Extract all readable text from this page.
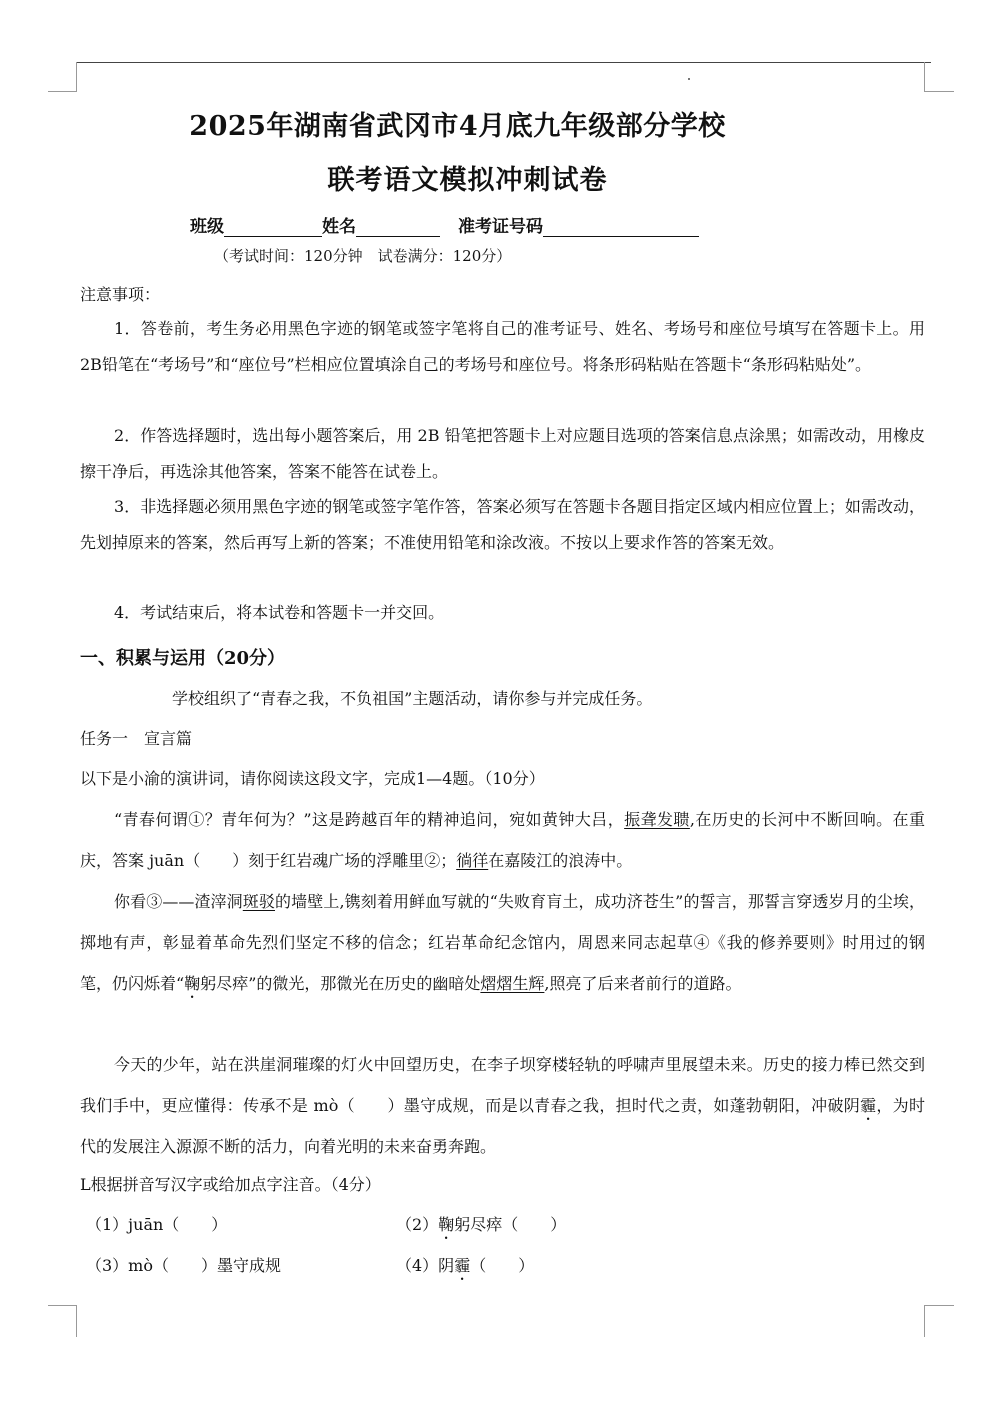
2025年湖南省武冈市4月底九年级部分学校
联考语文模拟冲刺试卷
班级	姓名	准考证号码
（考试时间：120分钟　试卷满分：120分）
注意事项：
1．答卷前，考生务必用黑色字迹的钢笔或签字笔将自己的准考证号、姓名、考场号和座位号填写在答题卡上。用2B铅笔在“考场号”和“座位号”栏相应位置填涂自己的考场号和座位号。将条形码粘贴在答题卡“条形码粘贴处”。
2．作答选择题时，选出每小题答案后，用 2B 铅笔把答题卡上对应题目选项的答案信息点涂黑；如需改动，用橡皮擦干净后，再选涂其他答案，答案不能答在试卷上。
3．非选择题必须用黑色字迹的钢笔或签字笔作答，答案必须写在答题卡各题目指定区域内相应位置上；如需改动，先划掉原来的答案，然后再写上新的答案；不准使用铅笔和涂改液。不按以上要求作答的答案无效。
4．考试结束后，将本试卷和答题卡一并交回。
一、积累与运用（20分）
学校组织了“青春之我，不负祖国”主题活动，请你参与并完成任务。
任务一　宣言篇
以下是小渝的演讲词，请你阅读这段文字，完成1—4题。（10分）
“青春何谓①？青年何为？”这是跨越百年的精神追问，宛如黄钟大吕，振聋发聩,在历史的长河中不断回响。在重庆，答案 juān（　　）刻于红岩魂广场的浮雕里②；徜徉在嘉陵江的浪涛中。
你看③——渣滓洞斑驳的墙壁上,镌刻着用鲜血写就的“失败育肓土，成功济苍生”的誓言，那誓言穿透岁月的尘埃，掷地有声，彰显着革命先烈们坚定不移的信念；红岩革命纪念馆内，周恩来同志起草④《我的修养要则》时用过的钢笔，仍闪烁着“鞠躬尽瘁”的微光，那微光在历史的幽暗处熠熠生辉,照亮了后来者前行的道路。
今天的少年，站在洪崖洞璀璨的灯火中回望历史，在李子坝穿楼轻轨的呼啸声里展望未来。历史的接力棒已然交到我们手中，更应懂得：传承不是 mò（　　）墨守成规，而是以青春之我，担时代之责，如蓬勃朝阳，冲破阴霾，为时代的发展注入源源不断的活力，向着光明的未来奋勇奔跑。
L根据拼音写汉字或给加点字注音。（4分）
（1）juān（　　）	（2）鞠躬尽瘁（　　）
（3）mò（　　）墨守成规	（4）阴霾（　　）
